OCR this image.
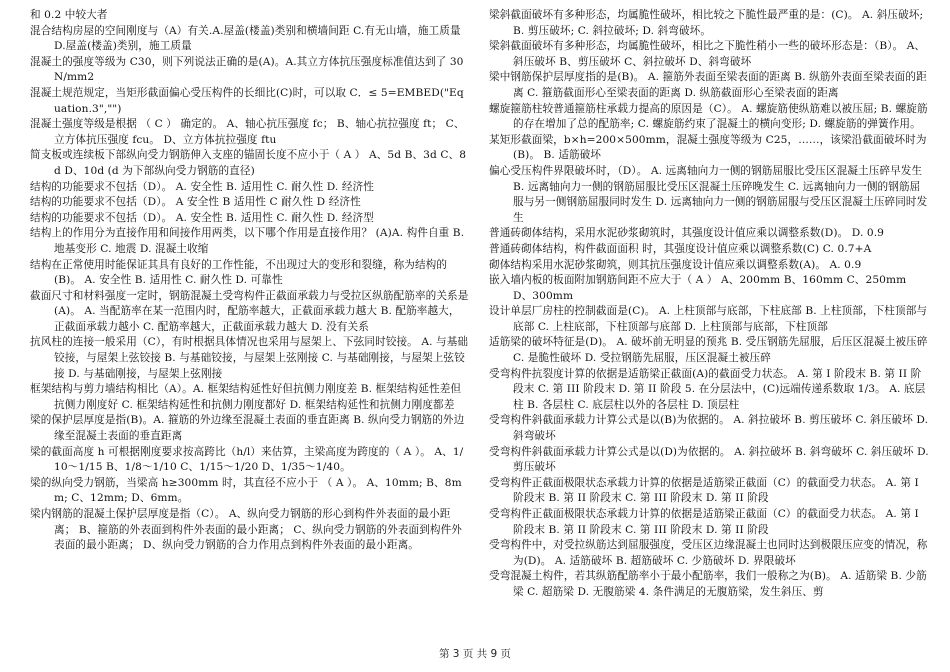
和 0.2 中较大者

混合结构房屋的空间刚度与（A）有关.A.屋盖(楼盖)类别和横墙间距 C.有无山墙，施工质量 D.屋盖(楼盖)类别，施工质量

混凝土的强度等级为 C30，则下列说法正确的是(A)。A.其立方体抗压强度标准值达到了 30N/mm2

混凝土规范规定，当矩形截面偏心受压构件的长细比(C)时，可以取 C．≤ 5=EMBED("Equation.3","")

混凝土强度等级是根据 （ C ） 确定的。 A、轴心抗压强度 fc； B、轴心抗拉强度 ft； C、立方体抗压强度 fcu。 D、立方体抗拉强度 ftu

简支板或连续板下部纵向受力钢筋伸入支座的锚固长度不应小于（ A ） A、5d B、3d C、8d D、10d (d 为下部纵向受力钢筋的直径)

结构的功能要求不包括（D）。 A. 安全性 B. 适用性 C. 耐久性 D. 经济性

结构的功能要求不包括（D）。 A 安全性 B 适用性 C 耐久性 D 经济性

结构的功能要求不包括（D）。 A. 安全性 B. 适用性 C. 耐久性 D. 经济型

结构上的作用分为直接作用和间接作用两类，以下哪个作用是直接作用？ (A)A. 构件自重 B. 地基变形 C. 地震 D. 混凝土收缩

结构在正常使用时能保证其具有良好的工作性能，不出现过大的变形和裂缝，称为结构的(B)。 A. 安全性 B. 适用性 C. 耐久性 D. 可靠性

截面尺寸和材料强度一定时，钢筋混凝土受弯构件正截面承载力与受拉区纵筋配筋率的关系是(A)。 A. 当配筋率在某一范围内时，配筋率越大，正截面承载力越大 B. 配筋率越大，正截面承载力越小 C. 配筋率越大，正截面承载力越大 D. 没有关系

抗风柱的连接一般采用（C），有时根据具体情况也采用与屋架上、下弦同时铰接。 A. 与基础铰接，与屋架上弦铰接 B. 与基础铰接，与屋架上弦刚接 C. 与基础刚接，与屋架上弦铰接 D. 与基础刚接，与屋架上弦刚接

框架结构与剪力墙结构相比（A）。A. 框架结构延性好但抗侧力刚度差 B. 框架结构延性差但抗侧力刚度好 C. 框架结构延性和抗侧力刚度都好 D. 框架结构延性和抗侧力刚度都差

梁的保护层厚度是指(B)。A. 箍筋的外边缘至混凝土表面的垂直距离 B. 纵向受力钢筋的外边缘至混凝土表面的垂直距离

梁的截面高度 h 可根据刚度要求按高跨比（h/l）来估算，主梁高度为跨度的（ A ）。 A、1/10～1/15 B、1/8～1/10 C、1/15～1/20 D、1/35～1/40。

梁的纵向受力钢筋，当梁高 h≥300mm 时，其直径不应小于 （ A ）。 A、10mm; B、8mm; C、12mm; D、6mm。

梁内钢筋的混凝土保护层厚度是指（C）。 A、纵向受力钢筋的形心到构件外表面的最小距离； B、箍筋的外表面到构件外表面的最小距离； C、纵向受力钢筋的外表面到构件外表面的最小距离； D、纵向受力钢筋的合力作用点到构件外表面的最小距离。

梁斜截面破坏有多种形态，均属脆性破坏，相比较之下脆性最严重的是：(C)。 A. 斜压破坏; B. 剪压破坏; C. 斜拉破坏; D. 斜弯破坏。

梁斜截面破坏有多种形态，均属脆性破坏，相比之下脆性稍小一些的破坏形态是：（B）。 A、斜压破坏 B、剪压破坏 C、斜拉破坏 D、斜弯破坏

梁中钢筋保护层厚度指的是(B)。 A. 箍筋外表面至梁表面的距离 B. 纵筋外表面至梁表面的距离 C. 箍筋截面形心至梁表面的距离 D. 纵筋截面形心至梁表面的距离

螺旋箍筋柱较普通箍筋柱承载力提高的原因是（C）。 A. 螺旋筋使纵筋难以被压屈; B. 螺旋筋的存在增加了总的配筋率; C. 螺旋筋约束了混凝土的横向变形; D. 螺旋筋的弹簧作用。

某矩形截面梁，b×h=200×500mm，混凝土强度等级为 C25，……，该梁沿截面破坏时为(B)。 B. 适筋破坏

偏心受压构件界限破坏时，（D）。 A. 远离轴向力一侧的钢筋屈服比受压区混凝土压碎早发生 B. 远离轴向力一侧的钢筋屈服比受压区混凝土压碎晚发生 C. 远离轴向力一侧的钢筋屈服与另一侧钢筋屈服同时发生 D. 远离轴向力一侧的钢筋屈服与受压区混凝土压碎同时发生

普通砖砌体结构，采用水泥砂浆砌筑时，其强度设计值应乘以调整系数(D)。 D. 0.9

普通砖砌体结构，构件截面面积 时，其强度设计值应乘以调整系数(C) C. 0.7+A

砌体结构采用水泥砂浆砌筑，则其抗压强度设计值应乘以调整系数(A)。 A. 0.9

嵌入墙内板的板面附加钢筋间距不应大于（ A ） A、200mm B、160mm C、250mm D、300mm

设计单层厂房柱的控制截面是(C)。 A. 上柱顶部与底部，下柱底部 B. 上柱顶部，下柱顶部与底部 C. 上柱底部，下柱顶部与底部 D. 上柱顶部与底部，下柱顶部

适筋梁的破坏特征是(D)。 A. 破坏前无明显的预兆 B. 受压钢筋先屈服，后压区混凝土被压碎 C. 是脆性破坏 D. 受拉钢筋先屈服，压区混凝土被压碎

受弯构件抗裂度计算的依据是适筋梁正截面(A)的截面受力状态。 A. 第 I 阶段末 B. 第 II 阶段末 C. 第 III 阶段末 D. 第 II 阶段 5. 在分层法中，(C)远端传递系数取 1/3。 A. 底层柱 B. 各层柱 C. 底层柱以外的各层柱 D. 顶层柱

受弯构件斜截面承载力计算公式是以(B)为依据的。 A. 斜拉破坏 B. 剪压破坏 C. 斜压破坏 D. 斜弯破坏

受弯构件斜截面承载力计算公式是以(D)为依据的。 A. 斜拉破坏 B. 斜弯破坏 C. 斜压破坏 D. 剪压破坏

受弯构件正截面极限状态承载力计算的依据是适筋梁正截面（C）的截面受力状态。 A. 第 I 阶段末 B. 第 II 阶段末 C. 第 III 阶段末 D. 第 II 阶段

受弯构件正截面极限状态承载力计算的依据是适筋梁正截面（C）的截面受力状态。 A. 第 I 阶段末 B. 第 II 阶段末 C. 第 III 阶段末 D. 第 II 阶段

受弯构件中，对受拉纵筋达到屈服强度，受压区边缘混凝土也同时达到极限压应变的情况，称为(D)。 A. 适筋破坏 B. 超筋破坏 C. 少筋破坏 D. 界限破坏

受弯混凝土构件，若其纵筋配筋率小于最小配筋率，我们一般称之为(B)。 A. 适筋梁 B. 少筋梁 C. 超筋梁 D. 无腹筋梁 4. 条件满足的无腹筋梁，发生斜压、剪

第 3 页 共 9 页
